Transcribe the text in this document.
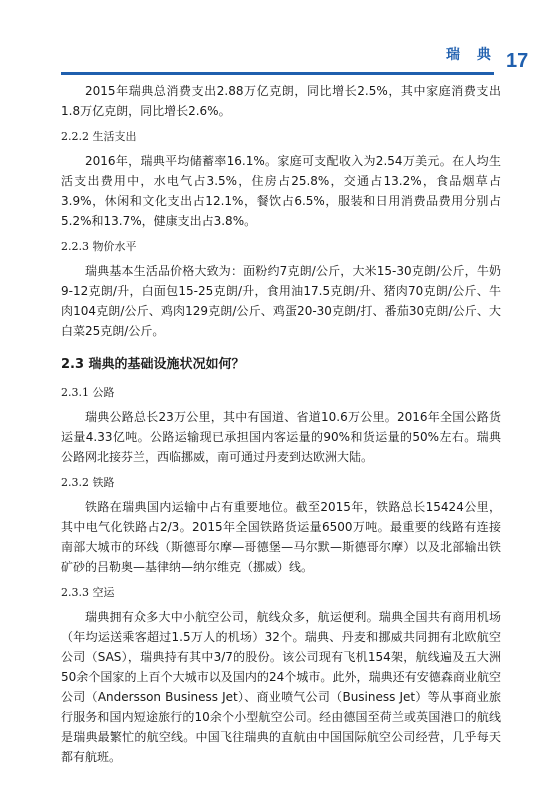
瑞 典 17

2015年瑞典总消费支出2.88万亿克朗，同比增长2.5%，其中家庭消费支出1.8万亿克朗，同比增长2.6%。

2.2.2 生活支出

2016年，瑞典平均储蓄率16.1%。家庭可支配收入为2.54万美元。在人均生活支出费用中，水电气占3.5%，住房占25.8%，交通占13.2%，食品烟草占3.9%，休闲和文化支出占12.1%，餐饮占6.5%，服装和日用消费品费用分别占5.2%和13.7%，健康支出占3.8%。

2.2.3 物价水平

瑞典基本生活品价格大致为：面粉约7克朗/公斤，大米15-30克朗/公斤，牛奶9-12克朗/升，白面包15-25克朗/升，食用油17.5克朗/升、猪肉70克朗/公斤、牛肉104克朗/公斤、鸡肉129克朗/公斤、鸡蛋20-30克朗/打、番茄30克朗/公斤、大白菜25克朗/公斤。

2.3 瑞典的基础设施状况如何？
2.3.1 公路

瑞典公路总长23万公里，其中有国道、省道10.6万公里。2016年全国公路货运量4.33亿吨。公路运输现已承担国内客运量的90%和货运量的50%左右。瑞典公路网北接芬兰，西临挪威，南可通过丹麦到达欧洲大陆。

2.3.2 铁路

铁路在瑞典国内运输中占有重要地位。截至2015年，铁路总长15424公里，其中电气化铁路占2/3。2015年全国铁路货运量6500万吨。最重要的线路有连接南部大城市的环线（斯德哥尔摩—哥德堡—马尔默—斯德哥尔摩）以及北部输出铁矿砂的吕勒奥—基律纳—纳尔维克（挪威）线。

2.3.3 空运

瑞典拥有众多大中小航空公司，航线众多，航运便利。瑞典全国共有商用机场（年均运送乘客超过1.5万人的机场）32个。瑞典、丹麦和挪威共同拥有北欧航空公司（SAS），瑞典持有其中3/7的股份。该公司现有飞机154架，航线遍及五大洲50余个国家的上百个大城市以及国内的24个城市。此外，瑞典还有安德森商业航空公司（Andersson Business Jet）、商业喷气公司（Business Jet）等从事商业旅行服务和国内短途旅行的10余个小型航空公司。经由德国至荷兰或英国港口的航线是瑞典最繁忙的航空线。中国飞往瑞典的直航由中国国际航空公司经营，几乎每天都有航班。
